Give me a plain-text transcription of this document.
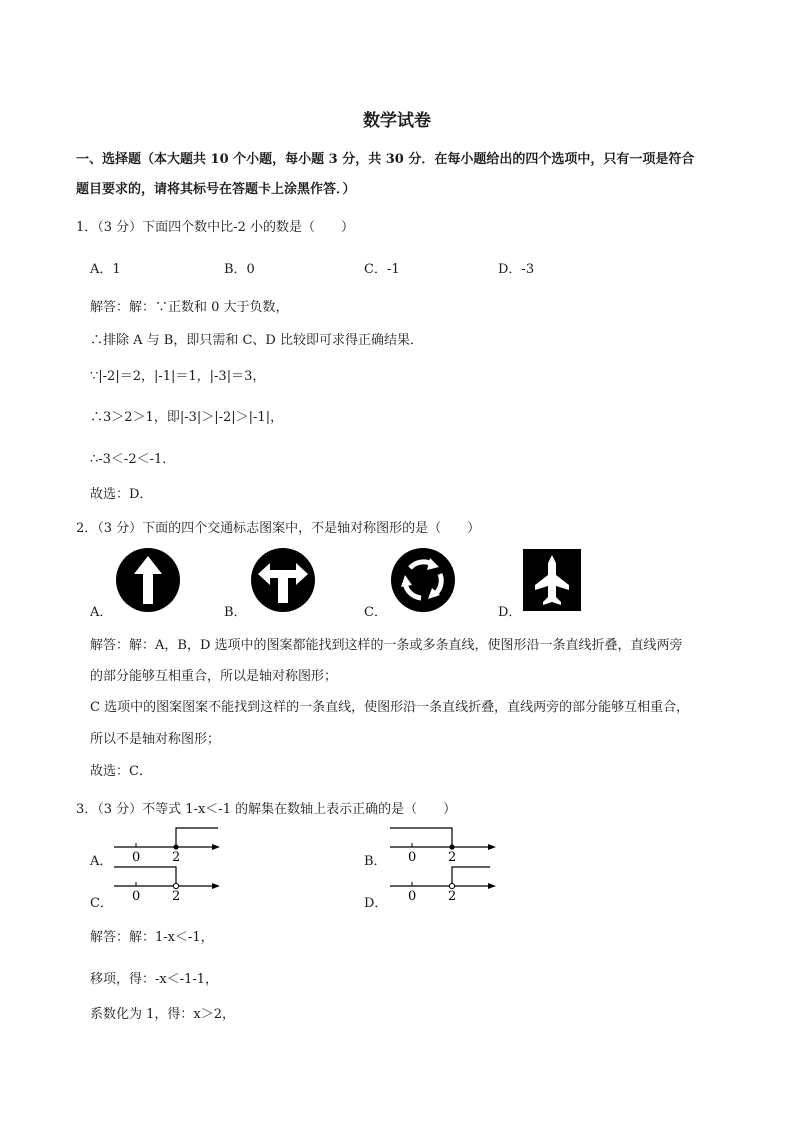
数学试卷
一、选择题（本大题共 10 个小题，每小题 3 分，共 30 分．在每小题给出的四个选项中，只有一项是符合
题目要求的，请将其标号在答题卡上涂黑作答．）
1．（3 分）下面四个数中比-2 小的数是（　　）
A．1	B．0	C．-1	D．-3
解答：解：∵正数和 0 大于负数，
∴排除 A 与 B，即只需和 C、D 比较即可求得正确结果．
∵|-2|＝2，|-1|＝1，|-3|＝3，
∴3＞2＞1，即|-3|＞|-2|＞|-1|，
∴-3＜-2＜-1．
故选：D．
2．（3 分）下面的四个交通标志图案中，不是轴对称图形的是（　　）
A．	B．	C．	D．
解答：解：A，B，D 选项中的图案都能找到这样的一条或多条直线，使图形沿一条直线折叠，直线两旁
的部分能够互相重合，所以是轴对称图形；
C 选项中的图案图案不能找到这样的一条直线，使图形沿一条直线折叠，直线两旁的部分能够互相重合，
所以不是轴对称图形；
故选：C．
3．（3 分）不等式 1-x＜-1 的解集在数轴上表示正确的是（　　）
A． 0 2	B． 0 2
C． 0 2	D． 0 2
解答：解：1-x＜-1，
移项，得：-x＜-1-1，
系数化为 1，得：x＞2，
